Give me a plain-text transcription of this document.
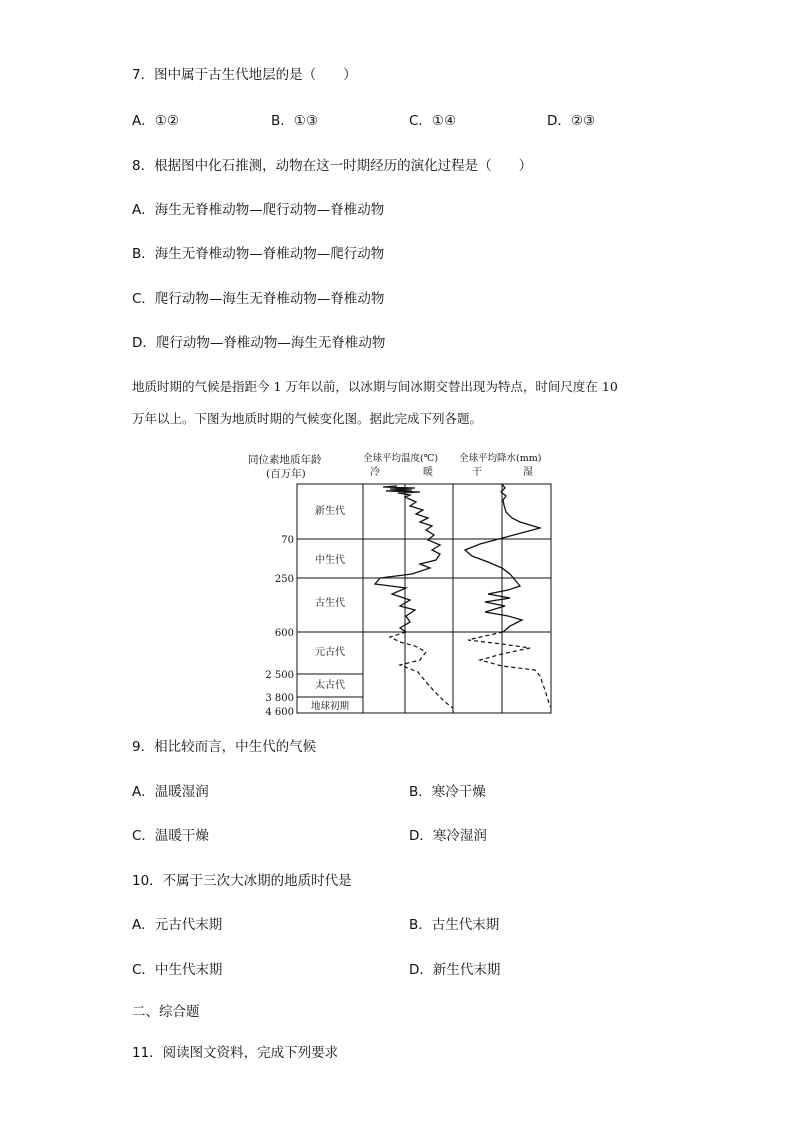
7．图中属于古生代地层的是（　　）
A．①②	B．①③	C．①④	D．②③
8．根据图中化石推测，动物在这一时期经历的演化过程是（　　）
A．海生无脊椎动物—爬行动物—脊椎动物
B．海生无脊椎动物—脊椎动物—爬行动物
C．爬行动物—海生无脊椎动物—脊椎动物
D．爬行动物—脊椎动物—海生无脊椎动物
地质时期的气候是指距今 1 万年以前，以冰期与间冰期交替出现为特点，时间尺度在 10
万年以上。下图为地质时期的气候变化图。据此完成下列各题。
同位素地质年龄
(百万年)
全球平均温度(℃)
冷	暖
全球平均降水(mm)
干	湿
70
250
600
2 500
3 800
4 600
新生代
中生代
古生代
元古代
太古代
地球初期
9．相比较而言，中生代的气候
A．温暖湿润	B．寒冷干燥
C．温暖干燥	D．寒冷湿润
10．不属于三次大冰期的地质时代是
A．元古代末期	B．古生代末期
C．中生代末期	D．新生代末期
二、综合题
11．阅读图文资料，完成下列要求
